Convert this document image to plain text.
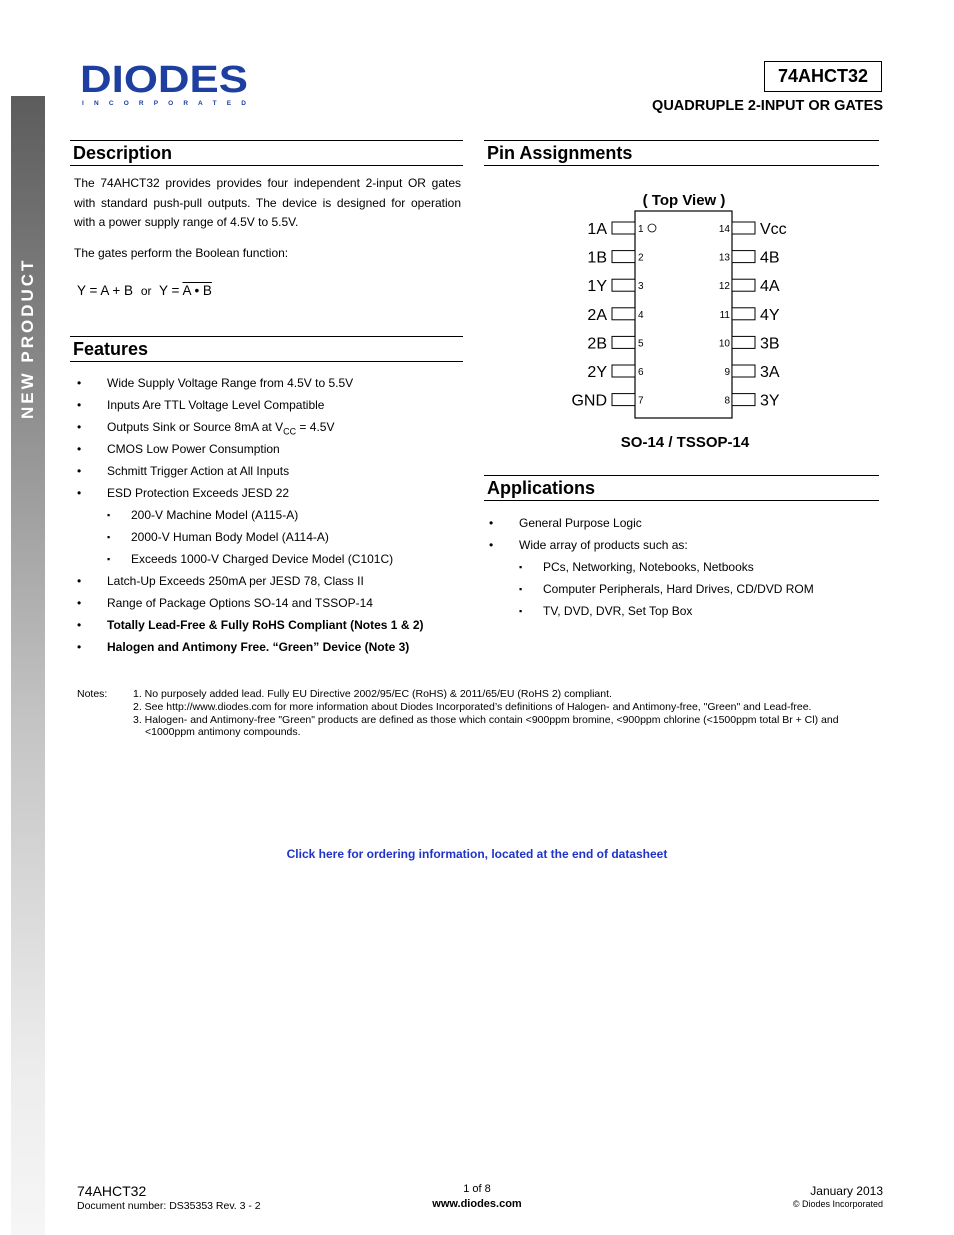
DIODES
I N C O R P O R A T E D
74AHCT32
QUADRUPLE 2-INPUT OR GATES
Description
The 74AHCT32 provides provides four independent 2-input OR gates with standard push-pull outputs. The device is designed for operation with a power supply range of 4.5V to 5.5V.
The gates perform the Boolean function:
Y = A + B or Y = A • B
Features
• Wide Supply Voltage Range from 4.5V to 5.5V
• Inputs Are TTL Voltage Level Compatible
• Outputs Sink or Source 8mA at $V_{CC} = 4.5V$
• CMOS Low Power Consumption
• Schmitt Trigger Action at All Inputs
• ESD Protection Exceeds JESD 22
▪ 200-V Machine Model (A115-A)
▪ 2000-V Human Body Model (A114-A)
▪ Exceeds 1000-V Charged Device Model (C101C)
• Latch-Up Exceeds 250mA per JESD 78, Class II
• Range of Package Options SO-14 and TSSOP-14
• Totally Lead-Free & Fully RoHS Compliant (Notes 1 & 2)
• Halogen and Antimony Free. “Green” Device (Note 3)
Pin Assignments
( Top View )
1A	1
1B	2
1Y	3
2A	4
2B	5
2Y	6
GND	7
Vcc
14
4B
13
4A
12
4Y
11
3B
10
3A
9
3Y
8
SO-14 / TSSOP-14
Applications
• General Purpose Logic
• Wide array of products such as:
▪ PCs, Networking, Notebooks, Netbooks
▪ Computer Peripherals, Hard Drives, CD/DVD ROM
▪ TV, DVD, DVR, Set Top Box
Notes: 1. No purposely added lead. Fully EU Directive 2002/95/EC (RoHS) & 2011/65/EU (RoHS 2) compliant.
2. See http://www.diodes.com for more information about Diodes Incorporated’s definitions of Halogen- and Antimony-free, "Green" and Lead-free.
3. Halogen- and Antimony-free "Green" products are defined as those which contain <900ppm bromine, <900ppm chlorine (<1500ppm total Br + Cl) and <1000ppm antimony compounds.
Click here for ordering information, located at the end of datasheet
74AHCT32
Document number: DS35353 Rev. 3 - 2
1 of 8
www.diodes.com
January 2013
© Diodes Incorporated
